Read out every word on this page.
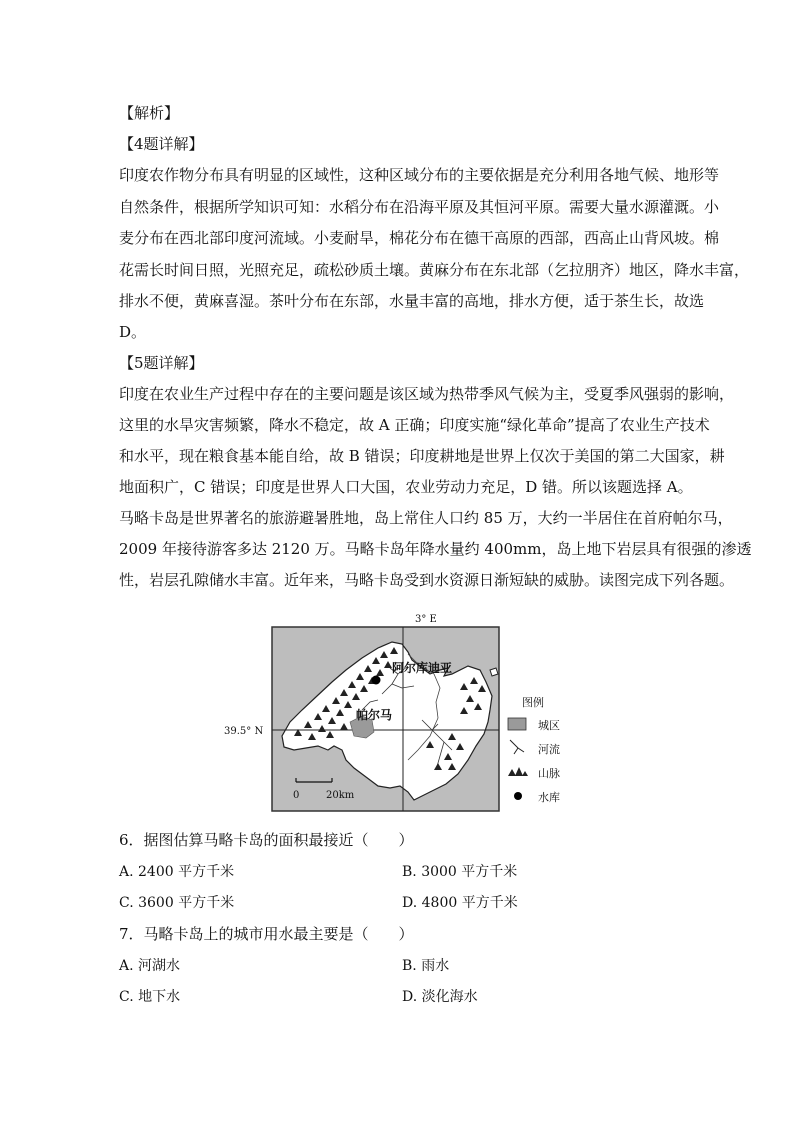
【解析】
【4题详解】
印度农作物分布具有明显的区域性，这种区域分布的主要依据是充分利用各地气候、地形等
自然条件，根据所学知识可知：水稻分布在沿海平原及其恒河平原。需要大量水源灌溉。小
麦分布在西北部印度河流域。小麦耐旱，棉花分布在德干高原的西部，西高止山背风坡。棉
花需长时间日照，光照充足，疏松砂质土壤。黄麻分布在东北部（乞拉朋齐）地区，降水丰富，
排水不便，黄麻喜湿。茶叶分布在东部，水量丰富的高地，排水方便，适于茶生长，故选
D。
【5题详解】
印度在农业生产过程中存在的主要问题是该区域为热带季风气候为主，受夏季风强弱的影响，
这里的水旱灾害频繁，降水不稳定，故 A 正确；印度实施“绿化革命”提高了农业生产技术
和水平，现在粮食基本能自给，故 B 错误；印度耕地是世界上仅次于美国的第二大国家，耕
地面积广，C 错误；印度是世界人口大国，农业劳动力充足，D 错。所以该题选择 A。
马略卡岛是世界著名的旅游避暑胜地，岛上常住人口约 85 万，大约一半居住在首府帕尔马，
2009 年接待游客多达 2120 万。马略卡岛年降水量约 400mm，岛上地下岩层具有很强的渗透
性，岩层孔隙储水丰富。近年来，马略卡岛受到水资源日渐短缺的威胁。读图完成下列各题。
3° E
39.5° N
阿尔库迪亚
帕尔马
0	20km
图例
城区
河流
山脉
水库
6．据图估算马略卡岛的面积最接近（　　）
A. 2400 平方千米	B. 3000 平方千米
C. 3600 平方千米	D. 4800 平方千米
7．马略卡岛上的城市用水最主要是（　　）
A. 河湖水	B. 雨水
C. 地下水	D. 淡化海水
